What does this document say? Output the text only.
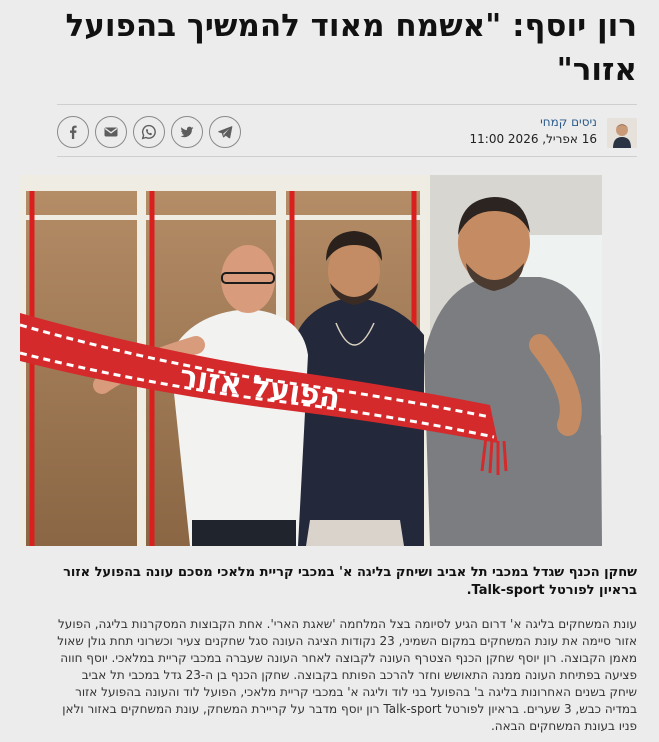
רון יוסף: "אשמח מאוד להמשיך בהפועל אזור"
ניסים קמחי
16 אפריל, 2026 11:00
הפועל אזור

שחקן הכנף שגדל במכבי תל אביב ושיחק בליגה א' במכבי קריית מלאכי מסכם עונה בהפועל אזור בראיון לפורטל Talk-sport.

עונת המשחקים בליגה א' דרום הגיע לסיומה בצל המלחמה 'שאגת הארי'. אחת הקבוצות המסקרנות בליגה, הפועל אזור סיימה את עונת המשחקים במקום השמיני, 23 נקודות הציגה העונה סגל שחקנים צעיר וכשרוני תחת גולן שאול מאמן הקבוצה. רון יוסף שחקן הכנף הצטרף העונה לקבוצה לאחר העונה שעברה במכבי קריית במלאכי. יוסף חווה פציעה בפתיחת העונה ממנה התאושש וחזר להרכב הפותח בקבוצה. שחקן הכנף בן ה-23 גדל במכבי תל אביב שיחק בשנים האחרונות בליגה ב' בהפועל בני לוד וליגה א' במכבי קריית מלאכי, הפועל לוד והעונה בהפועל אזור במדיה כבש, 3 שערים. בראיון לפורטל Talk-sport רון יוסף מדבר על קריירת המשחק, עונת המשחקים באזור ולאן פניו בעונת המשחקים הבאה.
